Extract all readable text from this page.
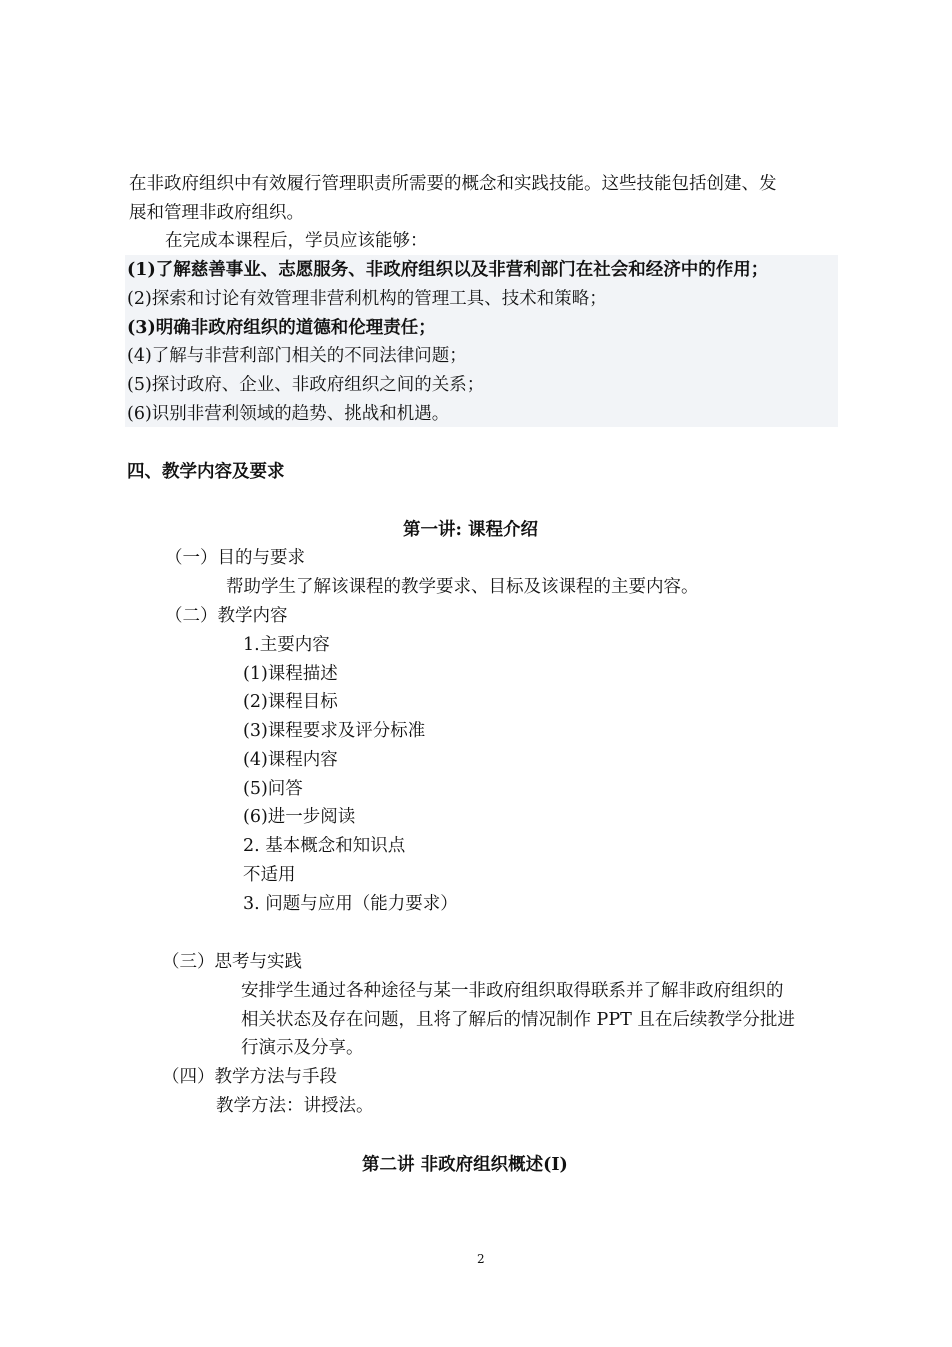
在非政府组织中有效履行管理职责所需要的概念和实践技能。这些技能包括创建、发

展和管理非政府组织。

在完成本课程后，学员应该能够：

(1)了解慈善事业、志愿服务、非政府组织以及非营利部门在社会和经济中的作用；

(2)探索和讨论有效管理非营利机构的管理工具、技术和策略；

(3)明确非政府组织的道德和伦理责任；

(4)了解与非营利部门相关的不同法律问题；

(5)探讨政府、企业、非政府组织之间的关系；

(6)识别非营利领域的趋势、挑战和机遇。

四、教学内容及要求

第一讲: 课程介绍

（一）目的与要求

帮助学生了解该课程的教学要求、目标及该课程的主要内容。

（二）教学内容

1.主要内容

(1)课程描述

(2)课程目标

(3)课程要求及评分标准

(4)课程内容

(5)问答

(6)进一步阅读

2. 基本概念和知识点

不适用

3. 问题与应用（能力要求）

（三）思考与实践

安排学生通过各种途径与某一非政府组织取得联系并了解非政府组织的

相关状态及存在问题，且将了解后的情况制作 PPT 且在后续教学分批进

行演示及分享。

（四）教学方法与手段

教学方法：讲授法。

第二讲 非政府组织概述(Ⅰ)

2
